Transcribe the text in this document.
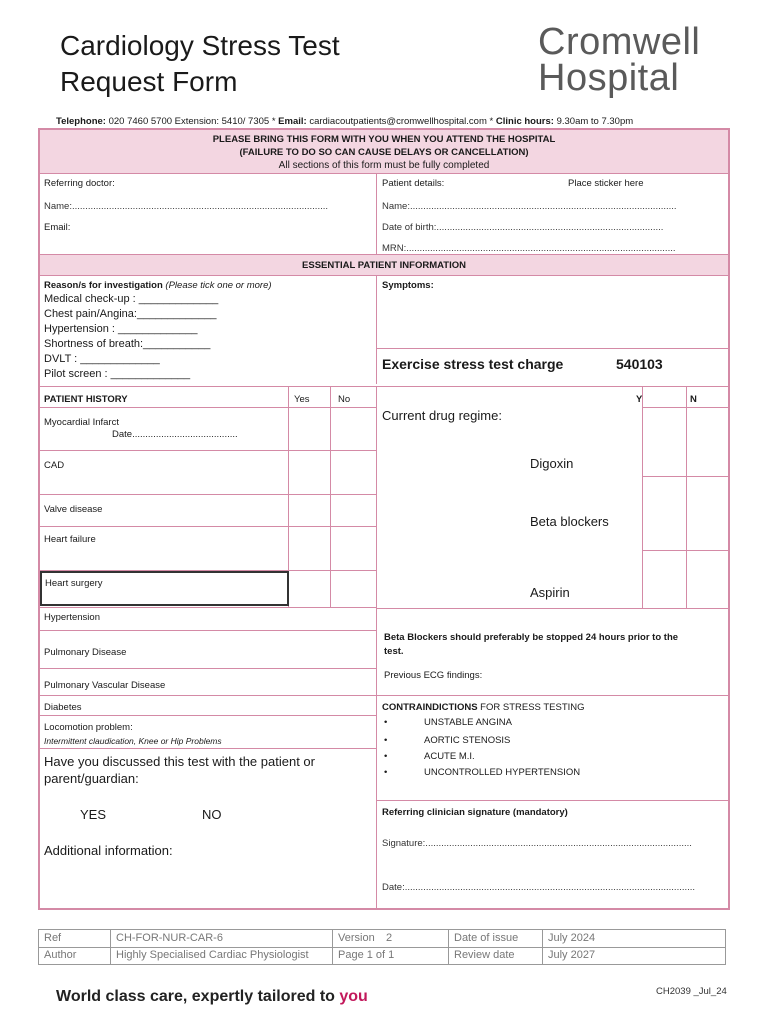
Cardiology Stress Test
Request Form
Cromwell
Hospital
Telephone: 020 7460 5700 Extension: 5410/ 7305 * Email: cardiacoutpatients@cromwellhospital.com * Clinic hours: 9.30am to 7.30pm
PLEASE BRING THIS FORM WITH YOU WHEN YOU ATTEND THE HOSPITAL
(FAILURE TO DO SO CAN CAUSE DELAYS OR CANCELLATION)
All sections of this form must be fully completed
Referring doctor:
Name:.................................................................................................
Email:
Patient details:	Place sticker here
Name:.....................................................................................................
Date of birth:......................................................................................
MRN:......................................................................................................
ESSENTIAL PATIENT INFORMATION
Reason/s for investigation (Please tick one or more)
Medical check-up : _____________
Chest pain/Angina:_____________
Hypertension : _____________
Shortness of breath:___________
DVLT : _____________
Pilot screen : _____________
Symptoms:
Exercise stress test charge	540103
PATIENT HISTORY	Yes	No
Myocardial Infarct
Date........................................
CAD
Valve disease
Heart failure
Heart surgery
Hypertension
Pulmonary Disease
Pulmonary Vascular Disease
Diabetes
Locomotion problem:
Intermittent claudication, Knee or Hip Problems
Have you discussed this test with the patient or
parent/guardian:
YES	NO
Additional information:
Y	N
Current drug regime:
Digoxin
Beta blockers
Aspirin
Beta Blockers should preferably be stopped 24 hours prior to the
test.
Previous ECG findings:
CONTRAINDICTIONS FOR STRESS TESTING
•	UNSTABLE ANGINA
•	AORTIC STENOSIS
•	ACUTE M.I.
•	UNCONTROLLED HYPERTENSION
Referring clinician signature (mandatory)
Signature:.....................................................................................................
Date:..............................................................................................................
Ref	CH-FOR-NUR-CAR-6	Version	2	Date of issue	July 2024
Author	Highly Specialised Cardiac Physiologist	Page 1 of 1	Review date	July 2027
CH2039 _Jul_24
World class care, expertly tailored to you
